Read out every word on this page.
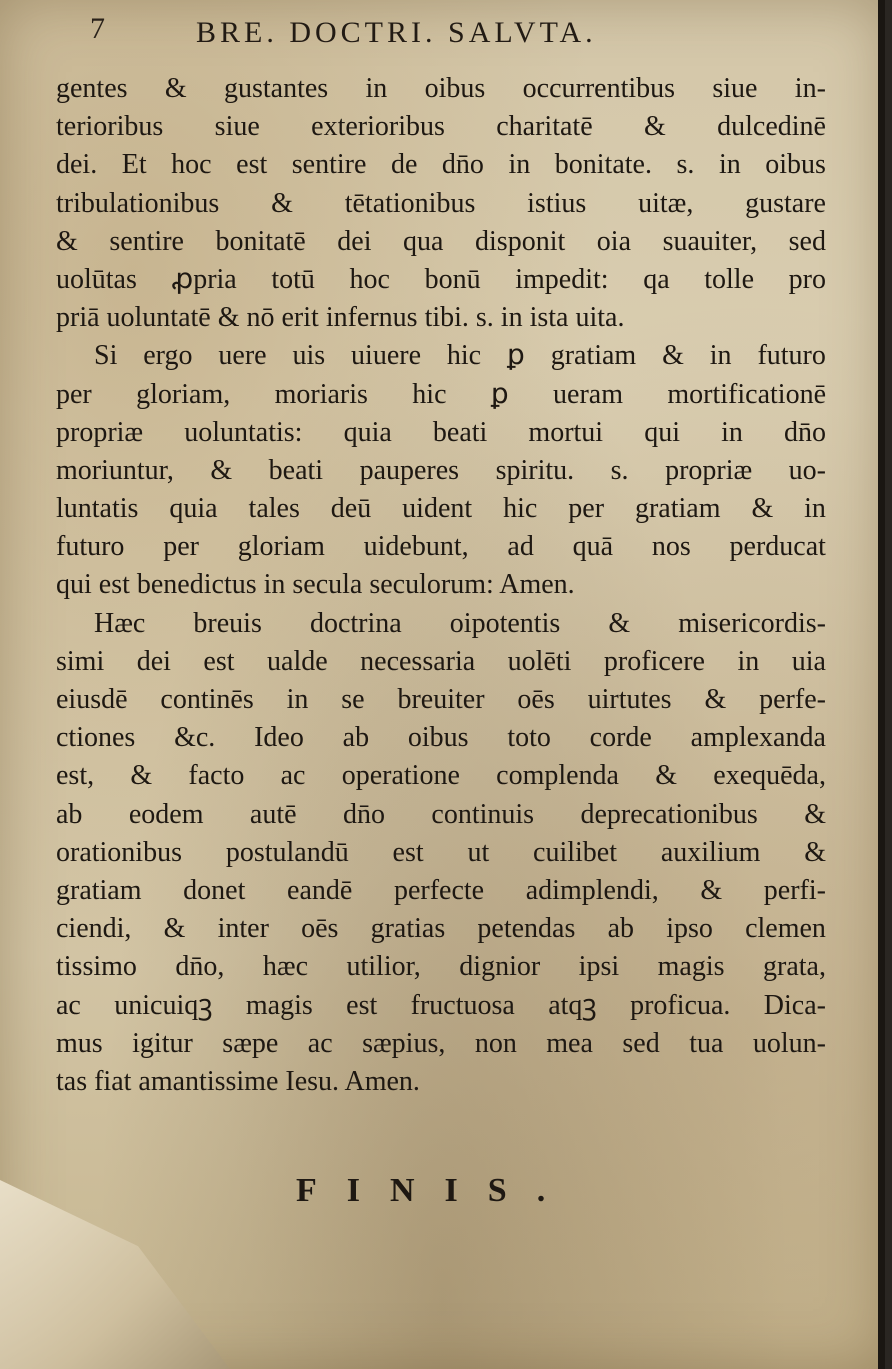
7	BRE. DOCTRI. SALVTA.
gentes & gustantes in oibus occurrentibus siue in-
terioribus siue exterioribus charitatē & dulcedinē
dei. Et hoc est sentire de dn̄o in bonitate. s. in oibus
tribulationibus & tētationibus istius uitæ, gustare
& sentire bonitatē dei qua disponit oia suauiter, sed
uolūtas ꝓpria totū hoc bonū impedit: qa tolle pro
priā uoluntatē & nō erit infernus tibi. s. in ista uita.
Si ergo uere uis uiuere hic ꝑ gratiam & in futuro
per gloriam, moriaris hic ꝑ ueram mortificationē
propriæ uoluntatis: quia beati mortui qui in dn̄o
moriuntur, & beati pauperes spiritu. s. propriæ uo-
luntatis quia tales deū uident hic per gratiam & in
futuro per gloriam uidebunt, ad quā nos perducat
qui est benedictus in secula seculorum: Amen.
Hæc breuis doctrina oipotentis & misericordis-
simi dei est ualde necessaria uolēti proficere in uia
eiusdē continēs in se breuiter oēs uirtutes & perfe-
ctiones &c. Ideo ab oibus toto corde amplexanda
est, & facto ac operatione complenda & exequēda,
ab eodem autē dn̄o continuis deprecationibus &
orationibus postulandū est ut cuilibet auxilium &
gratiam donet eandē perfecte adimplendi, & perfi-
ciendi, & inter oēs gratias petendas ab ipso clemen
tissimo dn̄o, hæc utilior, dignior ipsi magis grata,
ac unicuiqꝫ magis est fructuosa atqꝫ proficua. Dica-
mus igitur sæpe ac sæpius, non mea sed tua uolun-
tas fiat amantissime Iesu. Amen.
FINIS.
